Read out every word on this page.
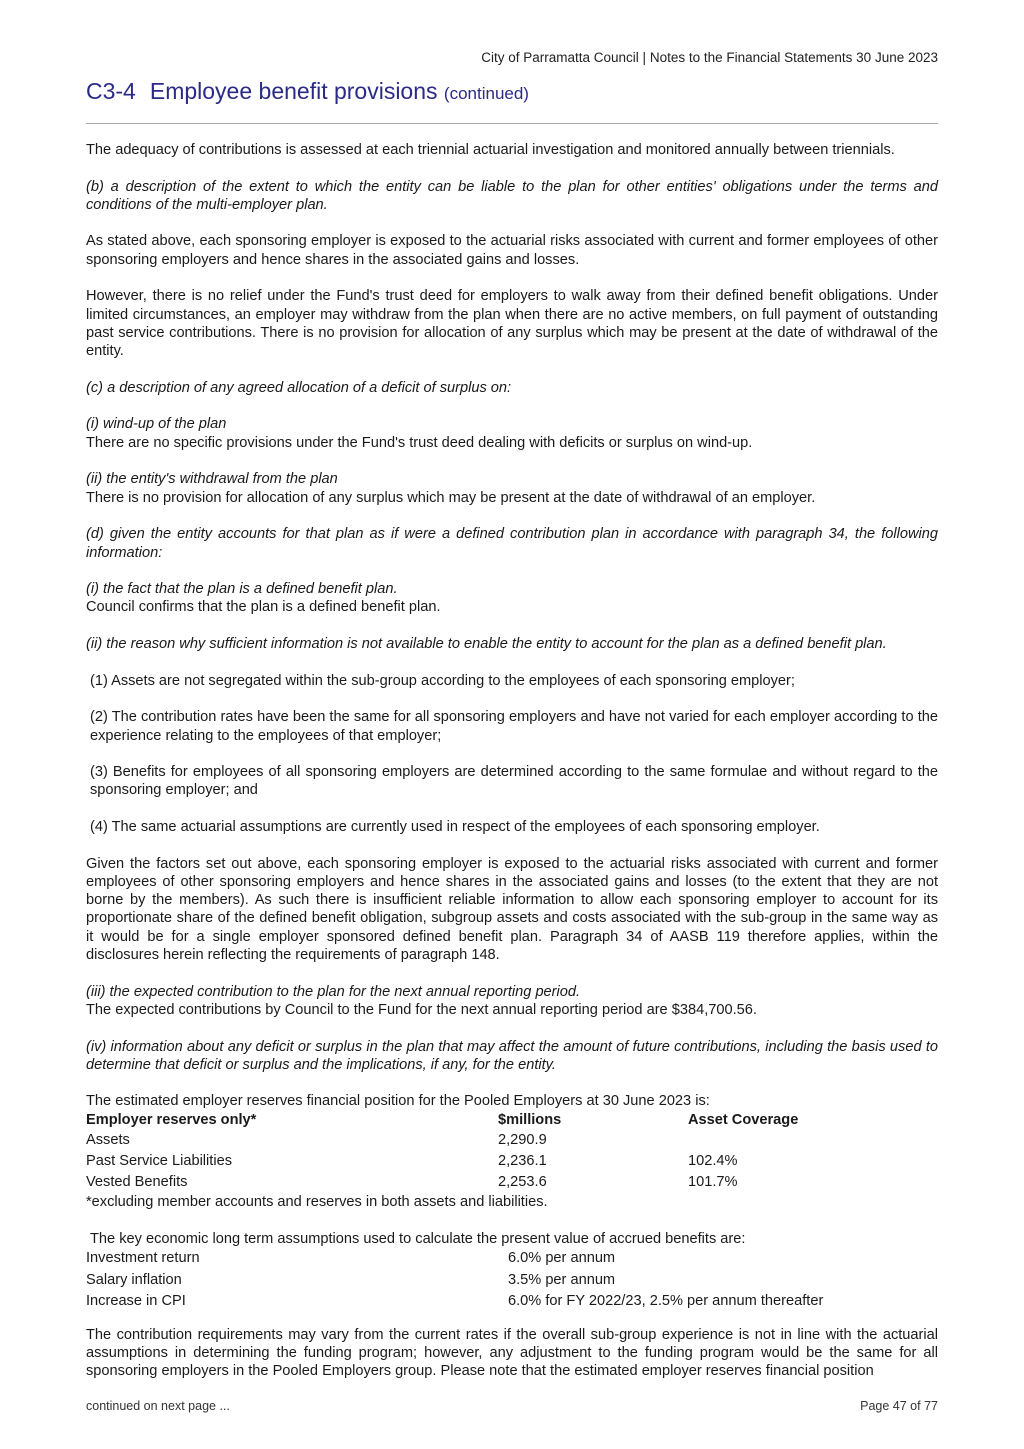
City of Parramatta Council | Notes to the Financial Statements 30 June 2023
C3-4 Employee benefit provisions (continued)

The adequacy of contributions is assessed at each triennial actuarial investigation and monitored annually between triennials.

(b) a description of the extent to which the entity can be liable to the plan for other entities' obligations under the terms and conditions of the multi-employer plan.

As stated above, each sponsoring employer is exposed to the actuarial risks associated with current and former employees of other sponsoring employers and hence shares in the associated gains and losses.

However, there is no relief under the Fund's trust deed for employers to walk away from their defined benefit obligations. Under limited circumstances, an employer may withdraw from the plan when there are no active members, on full payment of outstanding past service contributions. There is no provision for allocation of any surplus which may be present at the date of withdrawal of the entity.

(c) a description of any agreed allocation of a deficit of surplus on:

(i) wind-up of the plan

There are no specific provisions under the Fund's trust deed dealing with deficits or surplus on wind-up.

(ii) the entity's withdrawal from the plan

There is no provision for allocation of any surplus which may be present at the date of withdrawal of an employer.

(d) given the entity accounts for that plan as if were a defined contribution plan in accordance with paragraph 34, the following information:

(i) the fact that the plan is a defined benefit plan.

Council confirms that the plan is a defined benefit plan.

(ii) the reason why sufficient information is not available to enable the entity to account for the plan as a defined benefit plan.

(1) Assets are not segregated within the sub-group according to the employees of each sponsoring employer;

(2) The contribution rates have been the same for all sponsoring employers and have not varied for each employer according to the experience relating to the employees of that employer;

(3) Benefits for employees of all sponsoring employers are determined according to the same formulae and without regard to the sponsoring employer; and

(4) The same actuarial assumptions are currently used in respect of the employees of each sponsoring employer.

Given the factors set out above, each sponsoring employer is exposed to the actuarial risks associated with current and former employees of other sponsoring employers and hence shares in the associated gains and losses (to the extent that they are not borne by the members). As such there is insufficient reliable information to allow each sponsoring employer to account for its proportionate share of the defined benefit obligation, subgroup assets and costs associated with the sub-group in the same way as it would be for a single employer sponsored defined benefit plan. Paragraph 34 of AASB 119 therefore applies, within the disclosures herein reflecting the requirements of paragraph 148.

(iii) the expected contribution to the plan for the next annual reporting period.

The expected contributions by Council to the Fund for the next annual reporting period are $384,700.56.

(iv) information about any deficit or surplus in the plan that may affect the amount of future contributions, including the basis used to determine that deficit or surplus and the implications, if any, for the entity.

The estimated employer reserves financial position for the Pooled Employers at 30 June 2023 is:

Employer reserves only*	$millions	Asset Coverage
Assets	2,290.9	
Past Service Liabilities	2,236.1	102.4%
Vested Benefits	2,253.6	101.7%

*excluding member accounts and reserves in both assets and liabilities.

The key economic long term assumptions used to calculate the present value of accrued benefits are:

Investment return	6.0% per annum
Salary inflation	3.5% per annum
Increase in CPI	6.0% for FY 2022/23, 2.5% per annum thereafter

The contribution requirements may vary from the current rates if the overall sub-group experience is not in line with the actuarial assumptions in determining the funding program; however, any adjustment to the funding program would be the same for all sponsoring employers in the Pooled Employers group. Please note that the estimated employer reserves financial position

continued on next page ...	Page 47 of 77
